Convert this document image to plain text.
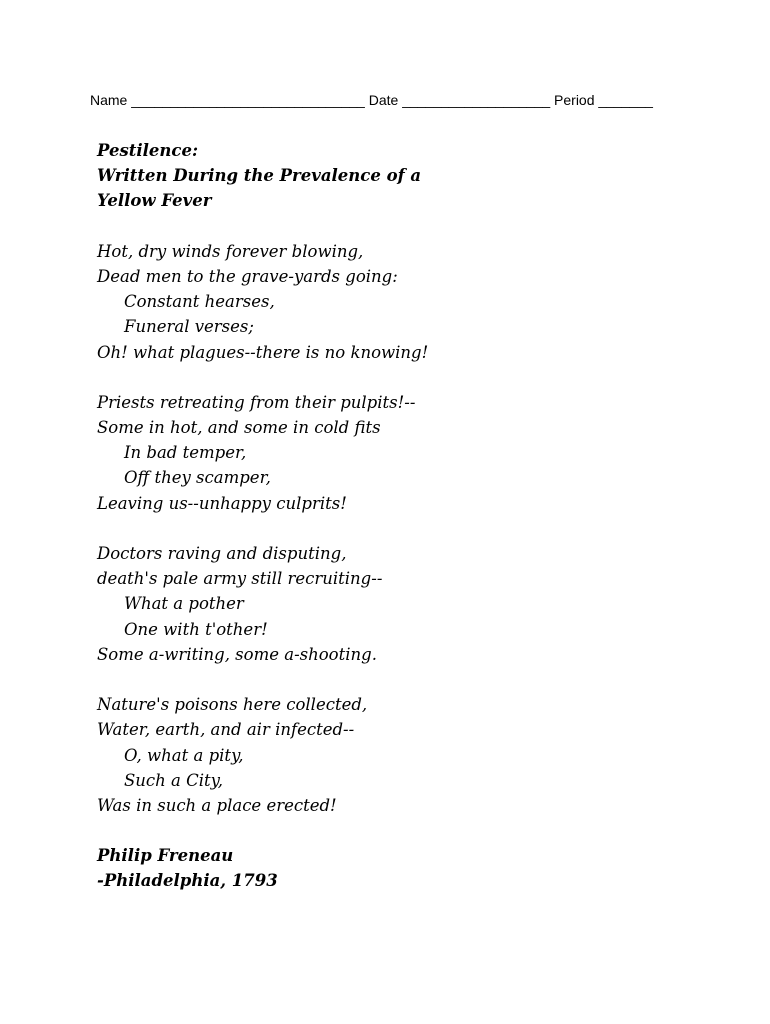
Name ______________________________ Date ___________________ Period _______
Pestilence:
Written During the Prevalence of a
Yellow Fever
Hot, dry winds forever blowing,
Dead men to the grave-yards going:
Constant hearses,
Funeral verses;
Oh! what plagues--there is no knowing!
Priests retreating from their pulpits!--
Some in hot, and some in cold fits
In bad temper,
Off they scamper,
Leaving us--unhappy culprits!
Doctors raving and disputing,
death's pale army still recruiting--
What a pother
One with t'other!
Some a-writing, some a-shooting.
Nature's poisons here collected,
Water, earth, and air infected--
O, what a pity,
Such a City,
Was in such a place erected!
Philip Freneau
-Philadelphia, 1793
